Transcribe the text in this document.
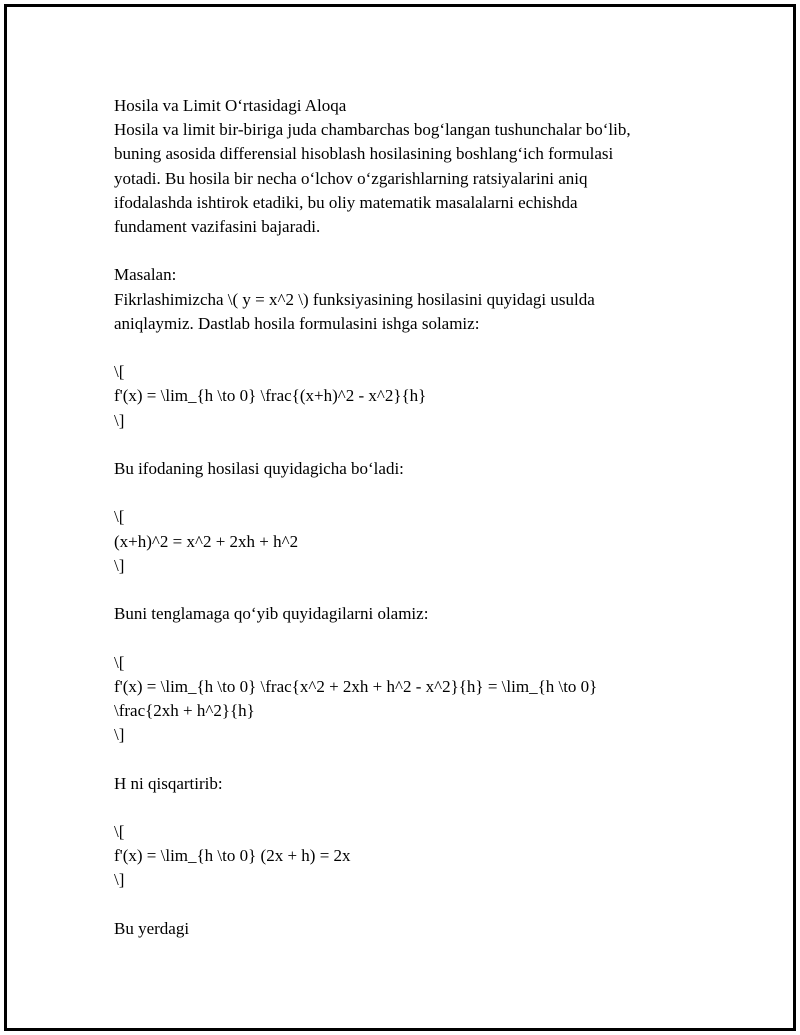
Hosila va Limit O‘rtasidagi Aloqa
Hosila va limit bir-biriga juda chambarchas bog‘langan tushunchalar bo‘lib,
buning asosida differensial hisoblash hosilasining boshlang‘ich formulasi
yotadi. Bu hosila bir necha o‘lchov o‘zgarishlarning ratsiyalarini aniq
ifodalashda ishtirok etadiki, bu oliy matematik masalalarni echishda
fundament vazifasini bajaradi.
Masalan:
Fikrlashimizcha \( y = x^2 \) funksiyasining hosilasini quyidagi usulda
aniqlaymiz. Dastlab hosila formulasini ishga solamiz:
\[
f'(x) = \lim_{h \to 0} \frac{(x+h)^2 - x^2}{h}
\]
Bu ifodaning hosilasi quyidagicha bo‘ladi:
\[
(x+h)^2 = x^2 + 2xh + h^2
\]
Buni tenglamaga qo‘yib quyidagilarni olamiz:
\[
f'(x) = \lim_{h \to 0} \frac{x^2 + 2xh + h^2 - x^2}{h} = \lim_{h \to 0}
\frac{2xh + h^2}{h}
\]
H ni qisqartirib:
\[
f'(x) = \lim_{h \to 0} (2x + h) = 2x
\]
Bu yerdagi
